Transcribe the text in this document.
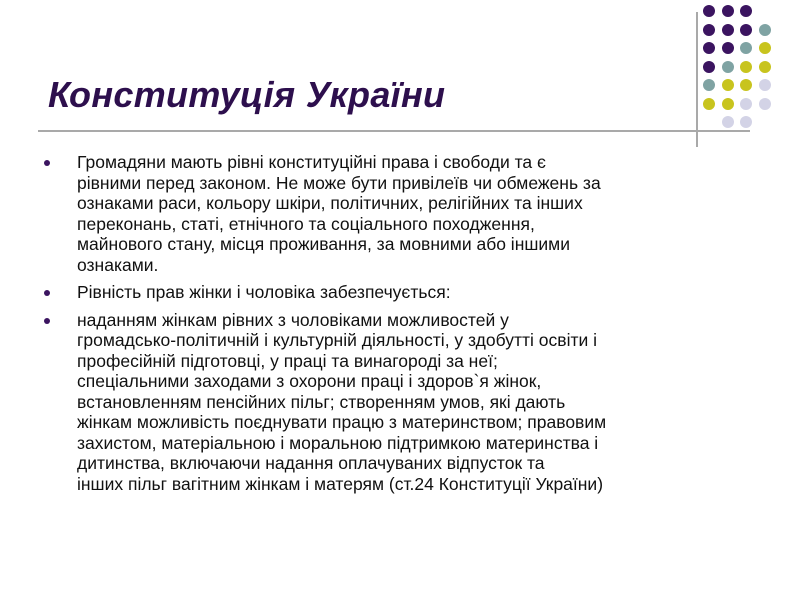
Конституція України
Громадяни мають рівні конституційні права і свободи та є
рівними перед законом. Не може бути привілеїв чи обмежень за
ознаками раси, кольору шкіри, політичних, релігійних та інших
переконань, статі, етнічного та соціального походження,
майнового стану, місця проживання, за мовними або іншими
ознаками.
Рівність прав жінки і чоловіка забезпечується:
наданням жінкам рівних з чоловіками можливостей у
громадсько-політичній і культурній діяльності, у здобутті освіти і
професійній підготовці, у праці та винагороді за неї;
спеціальними заходами з охорони праці і здоров`я жінок,
встановленням пенсійних пільг; створенням умов, які дають
жінкам можливість поєднувати працю з материнством; правовим
захистом, матеріальною і моральною підтримкою материнства і
дитинства, включаючи надання оплачуваних відпусток та
інших пільг вагітним жінкам і матерям (ст.24 Конституції України)
